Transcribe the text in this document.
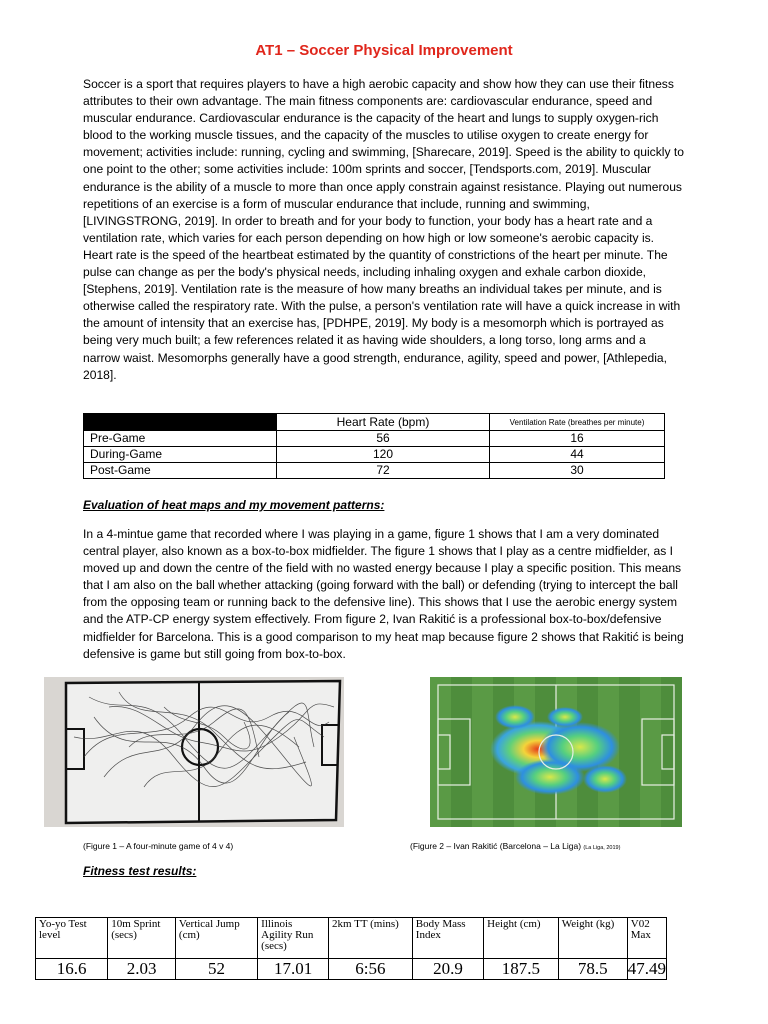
AT1 – Soccer Physical Improvement
Soccer is a sport that requires players to have a high aerobic capacity and show how they can use their fitness attributes to their own advantage. The main fitness components are: cardiovascular endurance, speed and muscular endurance. Cardiovascular endurance is the capacity of the heart and lungs to supply oxygen-rich blood to the working muscle tissues, and the capacity of the muscles to utilise oxygen to create energy for movement; activities include: running, cycling and swimming, [Sharecare, 2019]. Speed is the ability to quickly to one point to the other; some activities include: 100m sprints and soccer, [Tendsports.com, 2019]. Muscular endurance is the ability of a muscle to more than once apply constrain against resistance. Playing out numerous repetitions of an exercise is a form of muscular endurance that include, running and swimming, [LIVINGSTRONG, 2019]. In order to breath and for your body to function, your body has a heart rate and a ventilation rate, which varies for each person depending on how high or low someone's aerobic capacity is. Heart rate is the speed of the heartbeat estimated by the quantity of constrictions of the heart per minute. The pulse can change as per the body's physical needs, including inhaling oxygen and exhale carbon dioxide, [Stephens, 2019]. Ventilation rate is the measure of how many breaths an individual takes per minute, and is otherwise called the respiratory rate. With the pulse, a person's ventilation rate will have a quick increase in with the amount of intensity that an exercise has, [PDHPE, 2019]. My body is a mesomorph which is portrayed as being very much built; a few references related it as having wide shoulders, a long torso, long arms and a narrow waist. Mesomorphs generally have a good strength, endurance, agility, speed and power, [Athlepedia, 2018].
	Heart Rate (bpm)	Ventilation Rate (breathes per minute)
Pre-Game	56	16
During-Game	120	44
Post-Game	72	30
Evaluation of heat maps and my movement patterns:
In a 4-mintue game that recorded where I was playing in a game, figure 1 shows that I am a very dominated central player, also known as a box-to-box midfielder. The figure 1 shows that I play as a centre midfielder, as I moved up and down the centre of the field with no wasted energy because I play a specific position. This means that I am also on the ball whether attacking (going forward with the ball) or defending (trying to intercept the ball from the opposing team or running back to the defensive line). This shows that I use the aerobic energy system and the ATP-CP energy system effectively. From figure 2, Ivan Rakitić is a professional box-to-box/defensive midfielder for Barcelona. This is a good comparison to my heat map because figure 2 shows that Rakitić is being defensive is game but still going from box-to-box.
(Figure 1 – A four-minute game of 4 v 4)	(Figure 2 – Ivan Rakitić (Barcelona – La Liga) (La Liga, 2019)
Fitness test results:
Yo-yo Test level	10m Sprint (secs)	Vertical Jump (cm)	Illinois Agility Run (secs)	2km TT (mins)	Body Mass Index	Height (cm)	Weight (kg)	V02 Max
16.6	2.03	52	17.01	6:56	20.9	187.5	78.5	47.49
